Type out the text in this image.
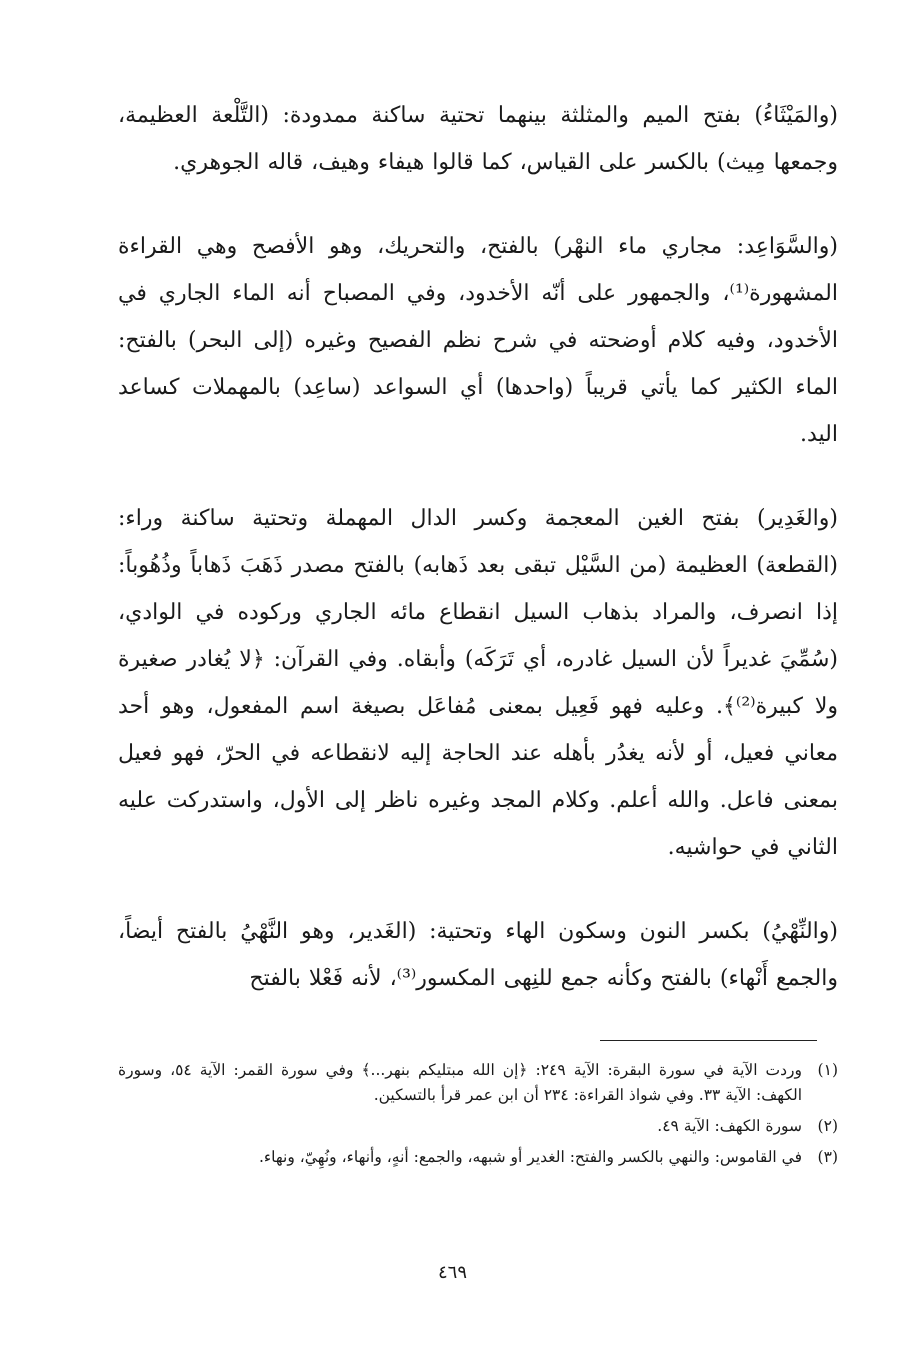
(والمَيْثَاءُ) بفتح الميم والمثلثة بينهما تحتية ساكنة ممدودة: (التَّلْعة العظيمة، وجمعها مِيث) بالكسر على القياس، كما قالوا هيفاء وهيف، قاله الجوهري.

(والسَّوَاعِد: مجاري ماء النهْر) بالفتح، والتحريك، وهو الأفصح وهي القراءة المشهورة⁽¹⁾، والجمهور على أنّه الأخدود، وفي المصباح أنه الماء الجاري في الأخدود، وفيه كلام أوضحته في شرح نظم الفصيح وغيره (إلى البحر) بالفتح: الماء الكثير كما يأتي قريباً (واحدها) أي السواعد (ساعِد) بالمهملات كساعد اليد.

(والغَدِير) بفتح الغين المعجمة وكسر الدال المهملة وتحتية ساكنة وراء: (القطعة) العظيمة (من السَّيْل تبقى بعد ذَهابه) بالفتح مصدر ذَهَبَ ذَهاباً وذُهُوباً: إذا انصرف، والمراد بذهاب السيل انقطاع مائه الجاري وركوده في الوادي، (سُمِّيَ غديراً لأن السيل غادره، أي تَرَكَه) وأبقاه. وفي القرآن: ﴿لا يُغادر صغيرة ولا كبيرة⁽²⁾﴾. وعليه فهو فَعِيل بمعنى مُفاعَل بصيغة اسم المفعول، وهو أحد معاني فعيل، أو لأنه يغدُر بأهله عند الحاجة إليه لانقطاعه في الحرّ، فهو فعيل بمعنى فاعل. والله أعلم. وكلام المجد وغيره ناظر إلى الأول، واستدركت عليه الثاني في حواشيه.

(والنِّهْيُ) بكسر النون وسكون الهاء وتحتية: (الغَدير، وهو النَّهْيُ بالفتح أيضاً، والجمع أَنْهاء) بالفتح وكأنه جمع للنِهى المكسور⁽³⁾، لأنه فَعْلا بالفتح

(١)
وردت الآية في سورة البقرة: الآية ٢٤٩: ﴿إن الله مبتليكم بنهر...﴾ وفي سورة القمر: الآية ٥٤، وسورة الكهف: الآية ٣٣. وفي شواذ القراءة: ٢٣٤ أن ابن عمر قرأ بالتسكين.
(٢)
سورة الكهف: الآية ٤٩.
(٣)
في القاموس: والنهي بالكسر والفتح: الغدير أو شبهه، والجمع: أنهٍ، وأنهاء، ونُهِيّ، ونهاء.
٤٦٩
